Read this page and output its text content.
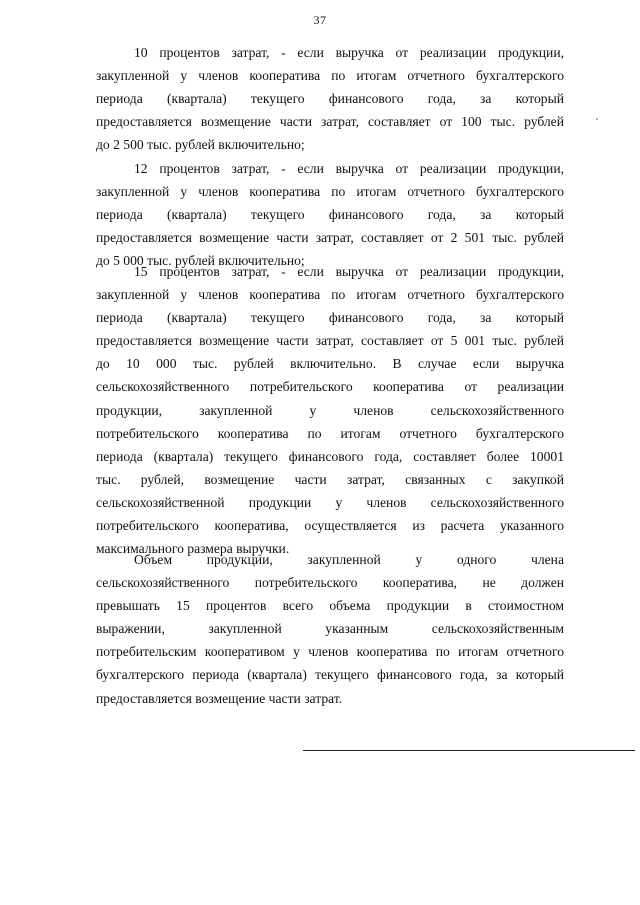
37
10 процентов затрат, - если выручка от реализации продукции,
закупленной у членов кооператива по итогам отчетного бухгалтерского
периода (квартала) текущего финансового года, за который
предоставляется возмещение части затрат, составляет от 100 тыс. рублей
до 2 500 тыс. рублей включительно;
12 процентов затрат, - если выручка от реализации продукции,
закупленной у членов кооператива по итогам отчетного бухгалтерского
периода (квартала) текущего финансового года, за который
предоставляется возмещение части затрат, составляет от 2 501 тыс. рублей
до 5 000 тыс. рублей включительно;
15 процентов затрат, - если выручка от реализации продукции,
закупленной у членов кооператива по итогам отчетного бухгалтерского
периода (квартала) текущего финансового года, за который
предоставляется возмещение части затрат, составляет от 5 001 тыс. рублей
до 10 000 тыс. рублей включительно. В случае если выручка
сельскохозяйственного потребительского кооператива от реализации
продукции, закупленной у членов сельскохозяйственного
потребительского кооператива по итогам отчетного бухгалтерского
периода (квартала) текущего финансового года, составляет более 10001
тыс. рублей, возмещение части затрат, связанных с закупкой
сельскохозяйственной продукции у членов сельскохозяйственного
потребительского кооператива, осуществляется из расчета указанного
максимального размера выручки.
Объем продукции, закупленной у одного члена
сельскохозяйственного потребительского кооператива, не должен
превышать 15 процентов всего объема продукции в стоимостном
выражении, закупленной указанным сельскохозяйственным
потребительским кооперативом у членов кооператива по итогам отчетного
бухгалтерского периода (квартала) текущего финансового года, за который
предоставляется возмещение части затрат.
